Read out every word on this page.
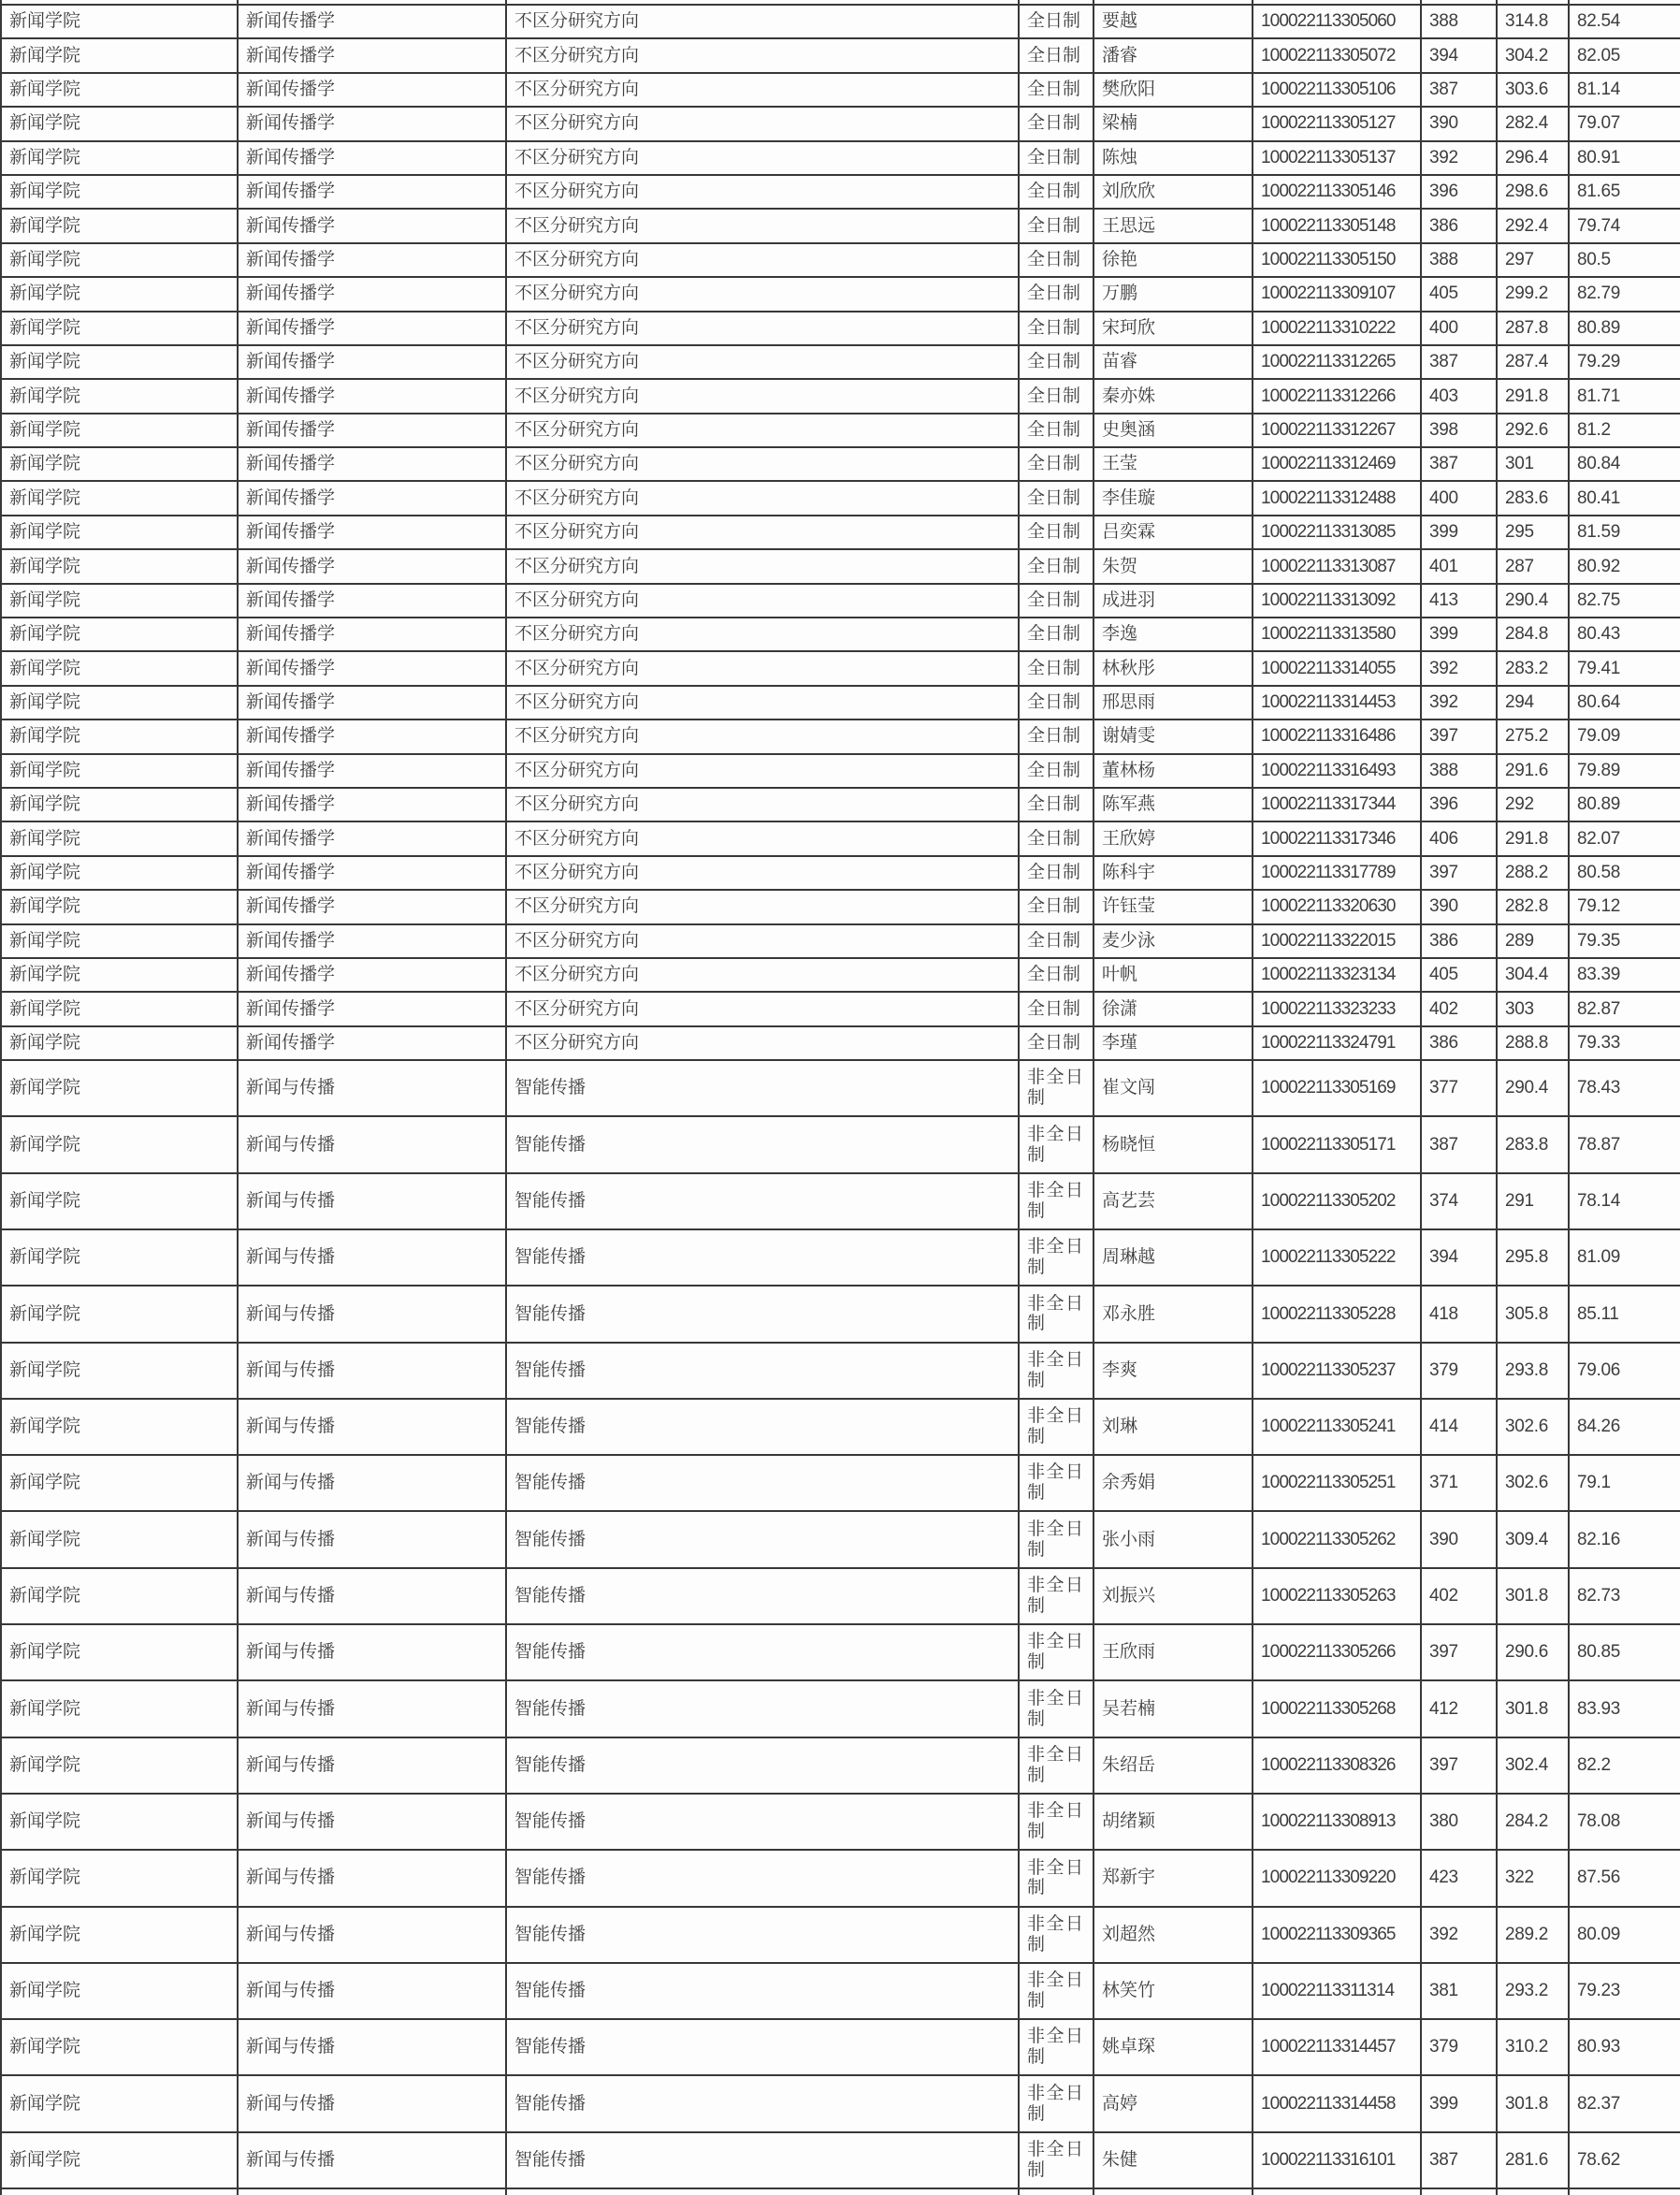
新闻学院	新闻传播学	不区分研究方向	全日制	要越	100022113305060	388	314.8	82.54
新闻学院	新闻传播学	不区分研究方向	全日制	潘睿	100022113305072	394	304.2	82.05
新闻学院	新闻传播学	不区分研究方向	全日制	樊欣阳	100022113305106	387	303.6	81.14
新闻学院	新闻传播学	不区分研究方向	全日制	梁楠	100022113305127	390	282.4	79.07
新闻学院	新闻传播学	不区分研究方向	全日制	陈烛	100022113305137	392	296.4	80.91
新闻学院	新闻传播学	不区分研究方向	全日制	刘欣欣	100022113305146	396	298.6	81.65
新闻学院	新闻传播学	不区分研究方向	全日制	王思远	100022113305148	386	292.4	79.74
新闻学院	新闻传播学	不区分研究方向	全日制	徐艳	100022113305150	388	297	80.5
新闻学院	新闻传播学	不区分研究方向	全日制	万鹏	100022113309107	405	299.2	82.79
新闻学院	新闻传播学	不区分研究方向	全日制	宋珂欣	100022113310222	400	287.8	80.89
新闻学院	新闻传播学	不区分研究方向	全日制	苗睿	100022113312265	387	287.4	79.29
新闻学院	新闻传播学	不区分研究方向	全日制	秦亦姝	100022113312266	403	291.8	81.71
新闻学院	新闻传播学	不区分研究方向	全日制	史奥涵	100022113312267	398	292.6	81.2
新闻学院	新闻传播学	不区分研究方向	全日制	王莹	100022113312469	387	301	80.84
新闻学院	新闻传播学	不区分研究方向	全日制	李佳璇	100022113312488	400	283.6	80.41
新闻学院	新闻传播学	不区分研究方向	全日制	吕奕霖	100022113313085	399	295	81.59
新闻学院	新闻传播学	不区分研究方向	全日制	朱贺	100022113313087	401	287	80.92
新闻学院	新闻传播学	不区分研究方向	全日制	成进羽	100022113313092	413	290.4	82.75
新闻学院	新闻传播学	不区分研究方向	全日制	李逸	100022113313580	399	284.8	80.43
新闻学院	新闻传播学	不区分研究方向	全日制	林秋彤	100022113314055	392	283.2	79.41
新闻学院	新闻传播学	不区分研究方向	全日制	邢思雨	100022113314453	392	294	80.64
新闻学院	新闻传播学	不区分研究方向	全日制	谢婧雯	100022113316486	397	275.2	79.09
新闻学院	新闻传播学	不区分研究方向	全日制	董林杨	100022113316493	388	291.6	79.89
新闻学院	新闻传播学	不区分研究方向	全日制	陈军燕	100022113317344	396	292	80.89
新闻学院	新闻传播学	不区分研究方向	全日制	王欣婷	100022113317346	406	291.8	82.07
新闻学院	新闻传播学	不区分研究方向	全日制	陈科宇	100022113317789	397	288.2	80.58
新闻学院	新闻传播学	不区分研究方向	全日制	许钰莹	100022113320630	390	282.8	79.12
新闻学院	新闻传播学	不区分研究方向	全日制	麦少泳	100022113322015	386	289	79.35
新闻学院	新闻传播学	不区分研究方向	全日制	叶帆	100022113323134	405	304.4	83.39
新闻学院	新闻传播学	不区分研究方向	全日制	徐潇	100022113323233	402	303	82.87
新闻学院	新闻传播学	不区分研究方向	全日制	李瑾	100022113324791	386	288.8	79.33
新闻学院	新闻与传播	智能传播	非全日制	崔文闯	100022113305169	377	290.4	78.43
新闻学院	新闻与传播	智能传播	非全日制	杨晓恒	100022113305171	387	283.8	78.87
新闻学院	新闻与传播	智能传播	非全日制	高艺芸	100022113305202	374	291	78.14
新闻学院	新闻与传播	智能传播	非全日制	周琳越	100022113305222	394	295.8	81.09
新闻学院	新闻与传播	智能传播	非全日制	邓永胜	100022113305228	418	305.8	85.11
新闻学院	新闻与传播	智能传播	非全日制	李爽	100022113305237	379	293.8	79.06
新闻学院	新闻与传播	智能传播	非全日制	刘琳	100022113305241	414	302.6	84.26
新闻学院	新闻与传播	智能传播	非全日制	余秀娟	100022113305251	371	302.6	79.1
新闻学院	新闻与传播	智能传播	非全日制	张小雨	100022113305262	390	309.4	82.16
新闻学院	新闻与传播	智能传播	非全日制	刘振兴	100022113305263	402	301.8	82.73
新闻学院	新闻与传播	智能传播	非全日制	王欣雨	100022113305266	397	290.6	80.85
新闻学院	新闻与传播	智能传播	非全日制	吴若楠	100022113305268	412	301.8	83.93
新闻学院	新闻与传播	智能传播	非全日制	朱绍岳	100022113308326	397	302.4	82.2
新闻学院	新闻与传播	智能传播	非全日制	胡绪颖	100022113308913	380	284.2	78.08
新闻学院	新闻与传播	智能传播	非全日制	郑新宇	100022113309220	423	322	87.56
新闻学院	新闻与传播	智能传播	非全日制	刘超然	100022113309365	392	289.2	80.09
新闻学院	新闻与传播	智能传播	非全日制	林笑竹	100022113311314	381	293.2	79.23
新闻学院	新闻与传播	智能传播	非全日制	姚卓琛	100022113314457	379	310.2	80.93
新闻学院	新闻与传播	智能传播	非全日制	高婷	100022113314458	399	301.8	82.37
新闻学院	新闻与传播	智能传播	非全日制	朱健	100022113316101	387	281.6	78.62
